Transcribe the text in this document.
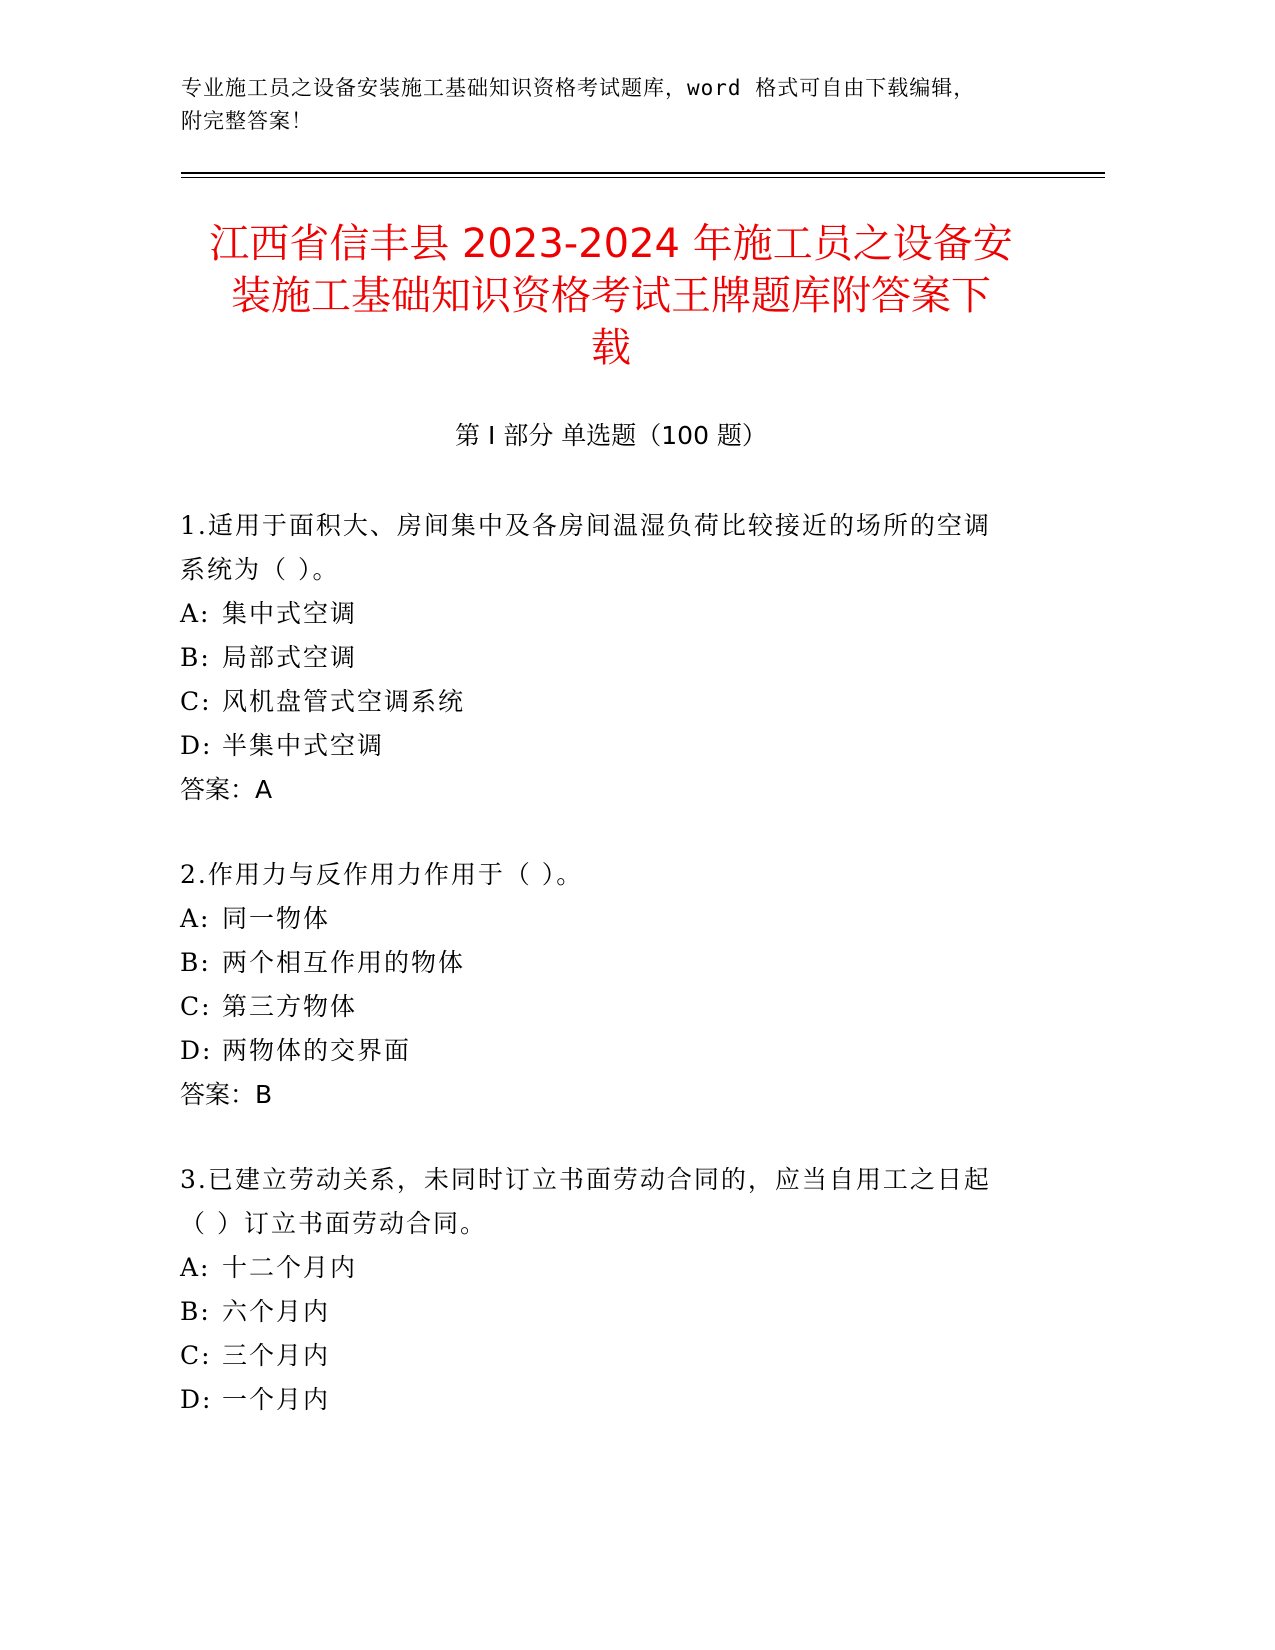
专业施工员之设备安装施工基础知识资格考试题库，word 格式可自由下载编辑，
附完整答案！
江西省信丰县 2023-2024 年施工员之设备安
装施工基础知识资格考试王牌题库附答案下
载
第 I 部分 单选题（100 题）
1.适用于面积大、房间集中及各房间温湿负荷比较接近的场所的空调
系统为（ ）。
A: 集中式空调
B: 局部式空调
C: 风机盘管式空调系统
D: 半集中式空调
答案：A
2.作用力与反作用力作用于（ ）。
A: 同一物体
B: 两个相互作用的物体
C: 第三方物体
D: 两物体的交界面
答案：B
3.已建立劳动关系，未同时订立书面劳动合同的，应当自用工之日起
（ ）订立书面劳动合同。
A: 十二个月内
B: 六个月内
C: 三个月内
D: 一个月内
